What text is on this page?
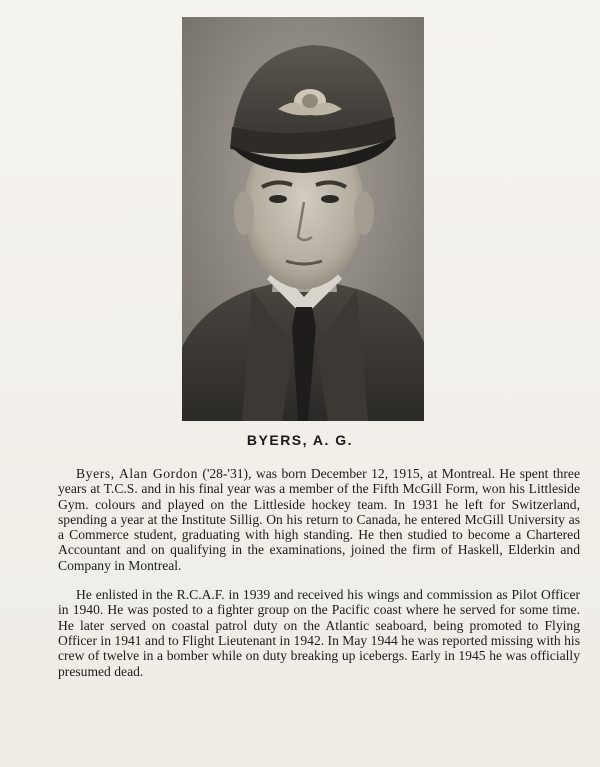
BYERS, A. G.

Byers, Alan Gordon ('28-'31), was born December 12, 1915, at Montreal. He spent three years at T.C.S. and in his final year was a member of the Fifth McGill Form, won his Littleside Gym. colours and played on the Littleside hockey team. In 1931 he left for Switzerland, spending a year at the Institute Sillig. On his return to Canada, he entered McGill University as a Commerce student, graduating with high standing. He then studied to become a Chartered Accountant and on qualifying in the examinations, joined the firm of Haskell, Elderkin and Company in Montreal.

He enlisted in the R.C.A.F. in 1939 and received his wings and commission as Pilot Officer in 1940. He was posted to a fighter group on the Pacific coast where he served for some time. He later served on coastal patrol duty on the Atlantic seaboard, being promoted to Flying Officer in 1941 and to Flight Lieutenant in 1942. In May 1944 he was reported missing with his crew of twelve in a bomber while on duty breaking up icebergs. Early in 1945 he was officially presumed dead.
